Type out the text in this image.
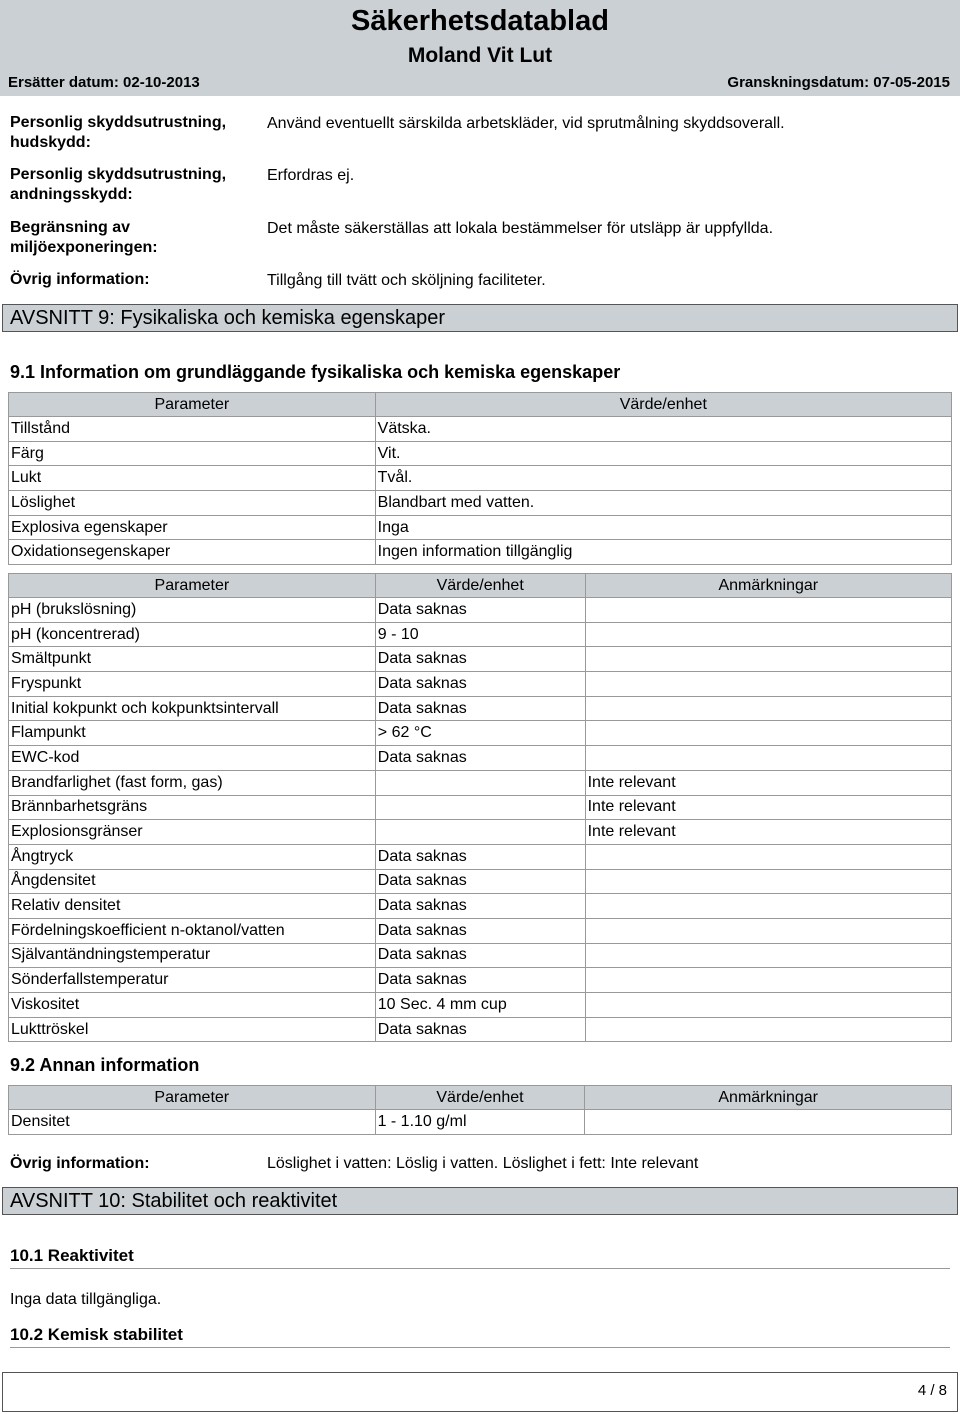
Säkerhetsdatablad
Moland Vit Lut
Ersätter datum: 02-10-2013	Granskningsdatum: 07-05-2015
Personlig skyddsutrustning, hudskydd:
Använd eventuellt särskilda arbetskläder, vid sprutmålning skyddsoverall.
Personlig skyddsutrustning, andningsskydd:
Erfordras ej.
Begränsning av miljöexponeringen:
Det måste säkerställas att lokala bestämmelser för utsläpp är uppfyllda.
Övrig information:	Tillgång till tvätt och sköljning faciliteter.
AVSNITT 9: Fysikaliska och kemiska egenskaper
9.1 Information om grundläggande fysikaliska och kemiska egenskaper
Parameter	Värde/enhet
Tillstånd	Vätska.
Färg	Vit.
Lukt	Tvål.
Löslighet	Blandbart med vatten.
Explosiva egenskaper	Inga
Oxidationsegenskaper	Ingen information tillgänglig
Parameter	Värde/enhet	Anmärkningar
pH (brukslösning)	Data saknas	
pH (koncentrerad)	9 - 10	
Smältpunkt	Data saknas	
Fryspunkt	Data saknas	
Initial kokpunkt och kokpunktsintervall	Data saknas	
Flampunkt	> 62 °C	
EWC-kod	Data saknas	
Brandfarlighet (fast form, gas)		Inte relevant
Brännbarhetsgräns		Inte relevant
Explosionsgränser		Inte relevant
Ångtryck	Data saknas	
Ångdensitet	Data saknas	
Relativ densitet	Data saknas	
Fördelningskoefficient n-oktanol/vatten	Data saknas	
Självantändningstemperatur	Data saknas	
Sönderfallstemperatur	Data saknas	
Viskositet	10 Sec. 4 mm cup	
Lukttröskel	Data saknas	
9.2 Annan information
Parameter	Värde/enhet	Anmärkningar
Densitet	1 - 1.10 g/ml	
Övrig information:	Löslighet i vatten: Löslig i vatten. Löslighet i fett: Inte relevant
AVSNITT 10: Stabilitet och reaktivitet
10.1 Reaktivitet
Inga data tillgängliga.
10.2 Kemisk stabilitet
4 / 8
